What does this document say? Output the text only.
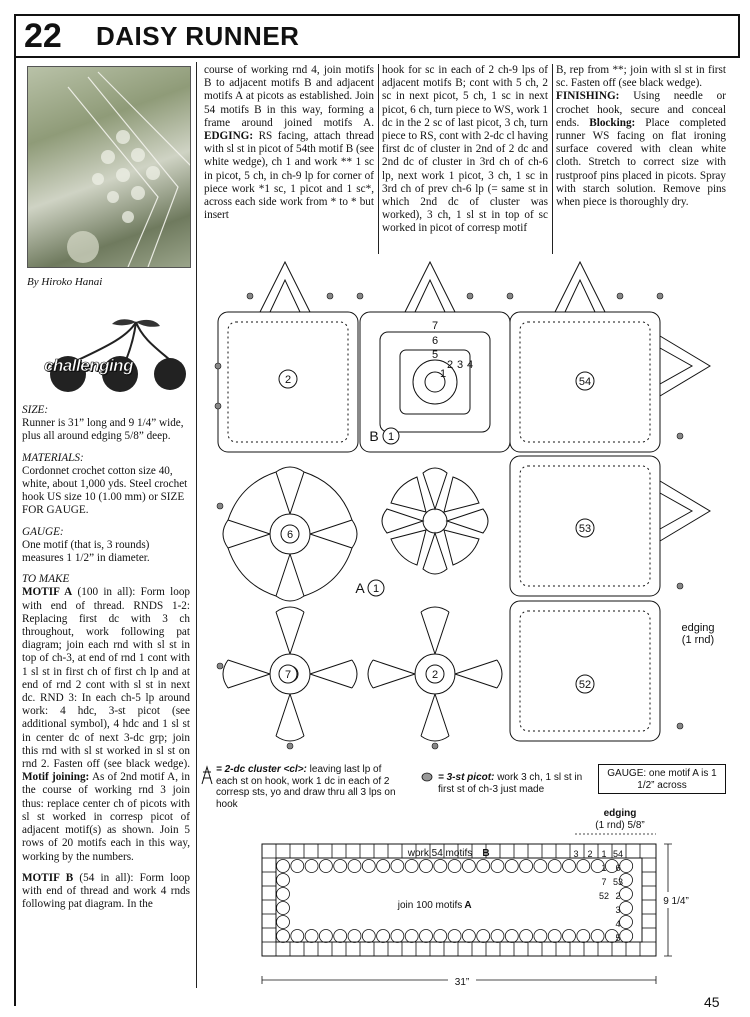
22	DAISY RUNNER
By Hiroko Hanai
challenging

SIZE:
Runner is 31” long and 9 1/4” wide, plus all around edging 5/8” deep.

MATERIALS:
Cordonnet crochet cotton size 40, white, about 1,000 yds. Steel crochet hook US size 10 (1.00 mm) or SIZE FOR GAUGE.

GAUGE:
One motif (that is, 3 rounds) measures 1 1/2” in diameter.

TO MAKE

MOTIF A (100 in all): Form loop with end of thread. RNDS 1-2: Replacing first dc with 3 ch throughout, work following pat diagram; join each rnd with sl st in top of ch-3, at end of rnd 1 cont with 1 sl st in first ch of first ch lp and at end of rnd 2 cont with sl st in next dc. RND 3: In each ch-5 lp around work: 4 hdc, 3-st picot (see additional symbol), 4 hdc and 1 sl st in center dc of next 3-dc grp; join this rnd with sl st worked in sl st on rnd 2. Fasten off (see black wedge). Motif joining: As of 2nd motif A, in the course of working rnd 3 join thus: replace center ch of picots with sl st worked in corresp picot of adjacent motif(s) as shown. Join 5 rows of 20 motifs each in this way, working by the numbers.

MOTIF B (54 in all): Form loop with end of thread and work 4 rnds following pat diagram. In the

course of working rnd 4, join motifs B to adjacent motifs B and adjacent motifs A at picots as established. Join 54 motifs B in this way, forming a frame around joined motifs A. EDGING: RS facing, attach thread with sl st in picot of 54th motif B (see white wedge), ch 1 and work ** 1 sc in picot, 5 ch, in ch-9 lp for corner of piece work *1 sc, 1 picot and 1 sc*, across each side work from * to * but insert
hook for sc in each of 2 ch-9 lps of adjacent motifs B; cont with 5 ch, 2 sc in next picot, 5 ch, 1 sc in next picot, 6 ch, turn piece to WS, work 1 dc in the 2 sc of last picot, 3 ch, turn piece to RS, cont with 2-dc cl having first dc of cluster in 2nd of 2 dc and 2nd dc of cluster in 3rd ch of ch-6 lp, next work 1 picot, 3 ch, 1 sc in 3rd ch of prev ch-6 lp (= same st in which 2nd dc of cluster was worked), 3 ch, 1 sl st in top of sc worked in picot of corresp motif
B, rep from **; join with sl st in first sc. Fasten off (see black wedge).
FINISHING: Using needle or crochet hook, secure and conceal ends. Blocking: Place completed runner WS facing on flat ironing surface covered with clean white cloth. Stretch to correct size with rustproof pins placed in picots. Spray with starch solution. Remove pins when piece is thoroughly dry.
2	54
6	53
7	2
52
B 1
A 1
7
6
5
4
3
2
1
edging
(1 rnd)
= 2-dc cluster <cl>: leaving last lp of each st on hook, work 1 dc in each of 2 corresp sts, yo and draw thru all 3 lps on hook
= 3-st picot: work 3 ch, 1 sl st in first st of ch-3 just made
GAUGE: one motif A is 1 1/2” across
edging
(1 rnd) 5/8”
work 54 motifs B
join 100 motifs A	9 1/4”
31”
3 2 1 54
6
1
53
7
2
52
3
4
5
45
